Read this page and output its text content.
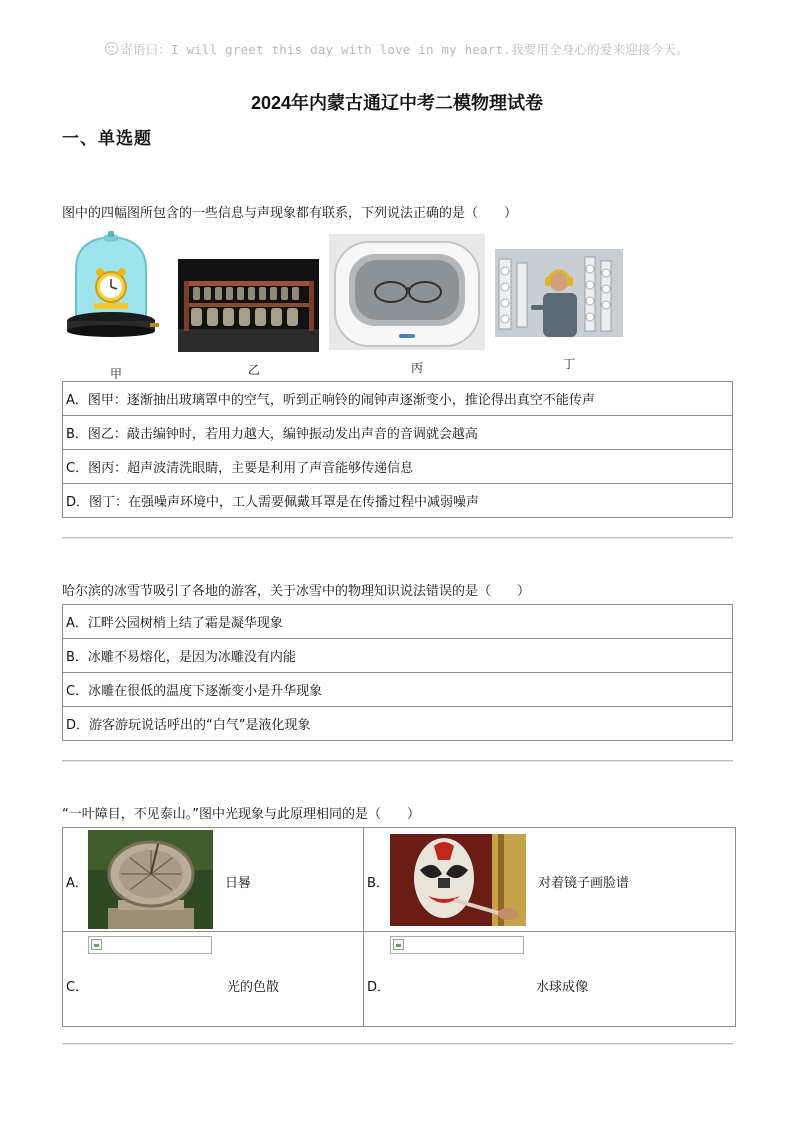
寄语曰：I will greet this day with love in my heart.我要用全身心的爱来迎接今天。
2024年内蒙古通辽中考二模物理试卷
一、单选题

图中的四幅图所包含的一些信息与声现象都有联系，下列说法正确的是（　　）

甲	乙	丙	丁
A．图甲：逐渐抽出玻璃罩中的空气，听到正响铃的闹钟声逐渐变小，推论得出真空不能传声
B．图乙：敲击编钟时，若用力越大，编钟振动发出声音的音调就会越高
C．图丙：超声波清洗眼睛，主要是利用了声音能够传递信息
D．图丁：在强噪声环境中，工人需要佩戴耳罩是在传播过程中减弱噪声

哈尔滨的冰雪节吸引了各地的游客，关于冰雪中的物理知识说法错误的是（　　）

A．江畔公园树梢上结了霜是凝华现象
B．冰雕不易熔化，是因为冰雕没有内能
C．冰雕在很低的温度下逐渐变小是升华现象
D．游客游玩说话呼出的“白气”是液化现象

“一叶障目，不见泰山。”图中光现象与此原理相同的是（　　）

A． 日晷	B． 对着镜子画脸谱

C． 光的色散	D． 水球成像
